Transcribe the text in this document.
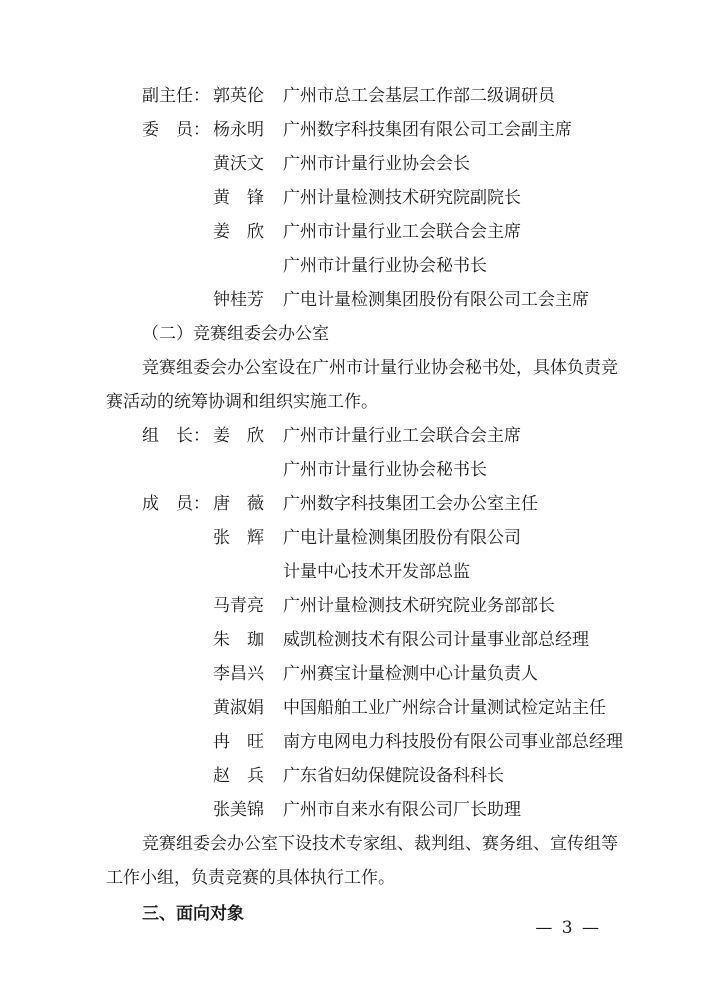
副主任： 郭英伦	广州市总工会基层工作部二级调研员
委　员： 杨永明	广州数字科技集团有限公司工会副主席
黄沃文	广州市计量行业协会会长
黄　锋	广州计量检测技术研究院副院长
姜　欣	广州市计量行业工会联合会主席
广州市计量行业协会秘书长
钟桂芳	广电计量检测集团股份有限公司工会主席
（二）竞赛组委会办公室
竞赛组委会办公室设在广州市计量行业协会秘书处，具体负责竞
赛活动的统筹协调和组织实施工作。
组　长： 姜　欣	广州市计量行业工会联合会主席
广州市计量行业协会秘书长
成　员： 唐　薇	广州数字科技集团工会办公室主任
张　辉	广电计量检测集团股份有限公司
计量中心技术开发部总监
马青亮	广州计量检测技术研究院业务部部长
朱　珈	威凯检测技术有限公司计量事业部总经理
李昌兴	广州赛宝计量检测中心计量负责人
黄淑娟	中国船舶工业广州综合计量测试检定站主任
冉　旺	南方电网电力科技股份有限公司事业部总经理
赵　兵	广东省妇幼保健院设备科科长
张美锦	广州市自来水有限公司厂长助理
竞赛组委会办公室下设技术专家组、裁判组、赛务组、宣传组等
工作小组，负责竞赛的具体执行工作。
三、面向对象
— 3 —
